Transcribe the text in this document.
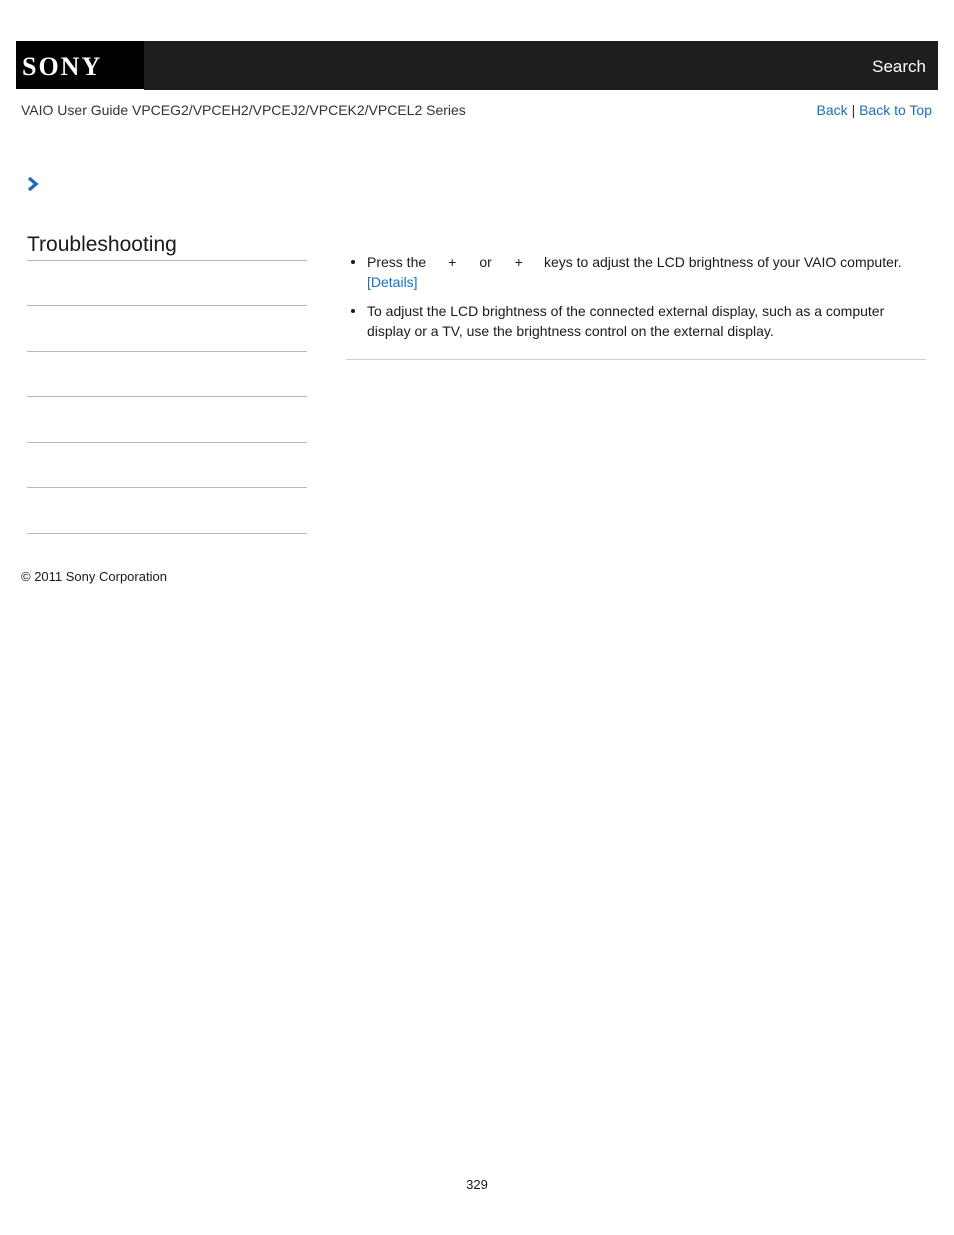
SONY	Search
VAIO User Guide VPCEG2/VPCEH2/VPCEJ2/VPCEK2/VPCEL2 Series	Back | Back to Top
Troubleshooting
Press the + or + keys to adjust the LCD brightness of your VAIO computer.
[Details]
To adjust the LCD brightness of the connected external display, such as a computer display or a TV, use the brightness control on the external display.
© 2011 Sony Corporation
329
